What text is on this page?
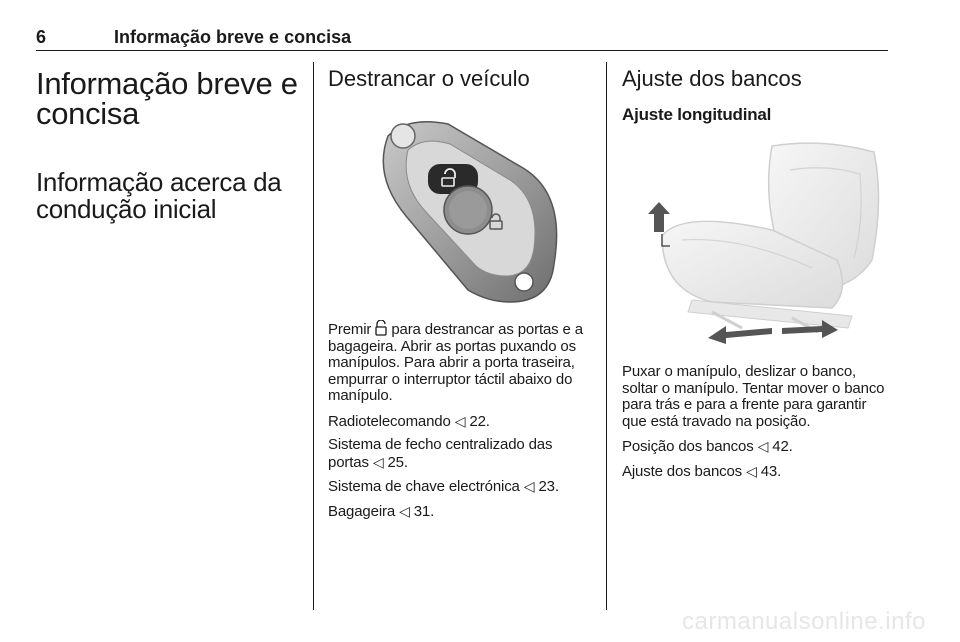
6	Informação breve e concisa
Informação breve e concisa
Informação acerca da condução inicial
Destrancar o veículo

Premir para destrancar as portas e a bagageira. Abrir as portas puxando os manípulos. Para abrir a porta traseira, empurrar o interruptor táctil abaixo do manípulo.

Radiotelecomando ◁ 22.

Sistema de fecho centralizado das portas ◁ 25.

Sistema de chave electrónica ◁ 23.

Bagageira ◁ 31.

Ajuste dos bancos
Ajuste longitudinal

Puxar o manípulo, deslizar o banco, soltar o manípulo. Tentar mover o banco para trás e para a frente para garantir que está travado na posição.

Posição dos bancos ◁ 42.

Ajuste dos bancos ◁ 43.

carmanualsonline.info
